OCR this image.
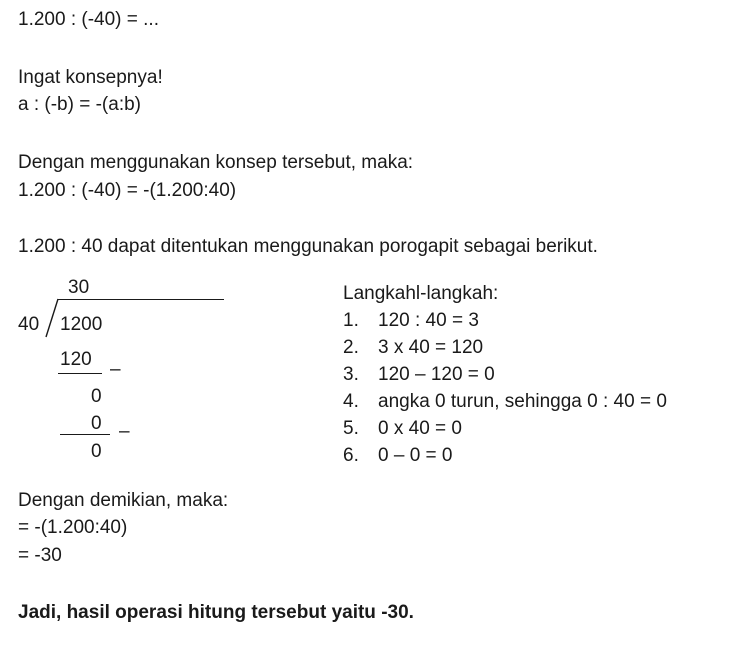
1.200 : (-40) = ...
Ingat konsepnya!
a : (-b) = -(a:b)
Dengan menggunakan konsep tersebut, maka:
1.200 : (-40) = -(1.200:40)
1.200 : 40 dapat ditentukan menggunakan porogapit sebagai berikut.
30
40 1200
120 –
0
0 –
0
Langkahl-langkah:
1. 120 : 40 = 3
2. 3 x 40 = 120
3. 120 – 120 = 0
4. angka 0 turun, sehingga 0 : 40 = 0
5. 0 x 40 = 0
6. 0 – 0 = 0
Dengan demikian, maka:
= -(1.200:40)
= -30
Jadi, hasil operasi hitung tersebut yaitu -30.
